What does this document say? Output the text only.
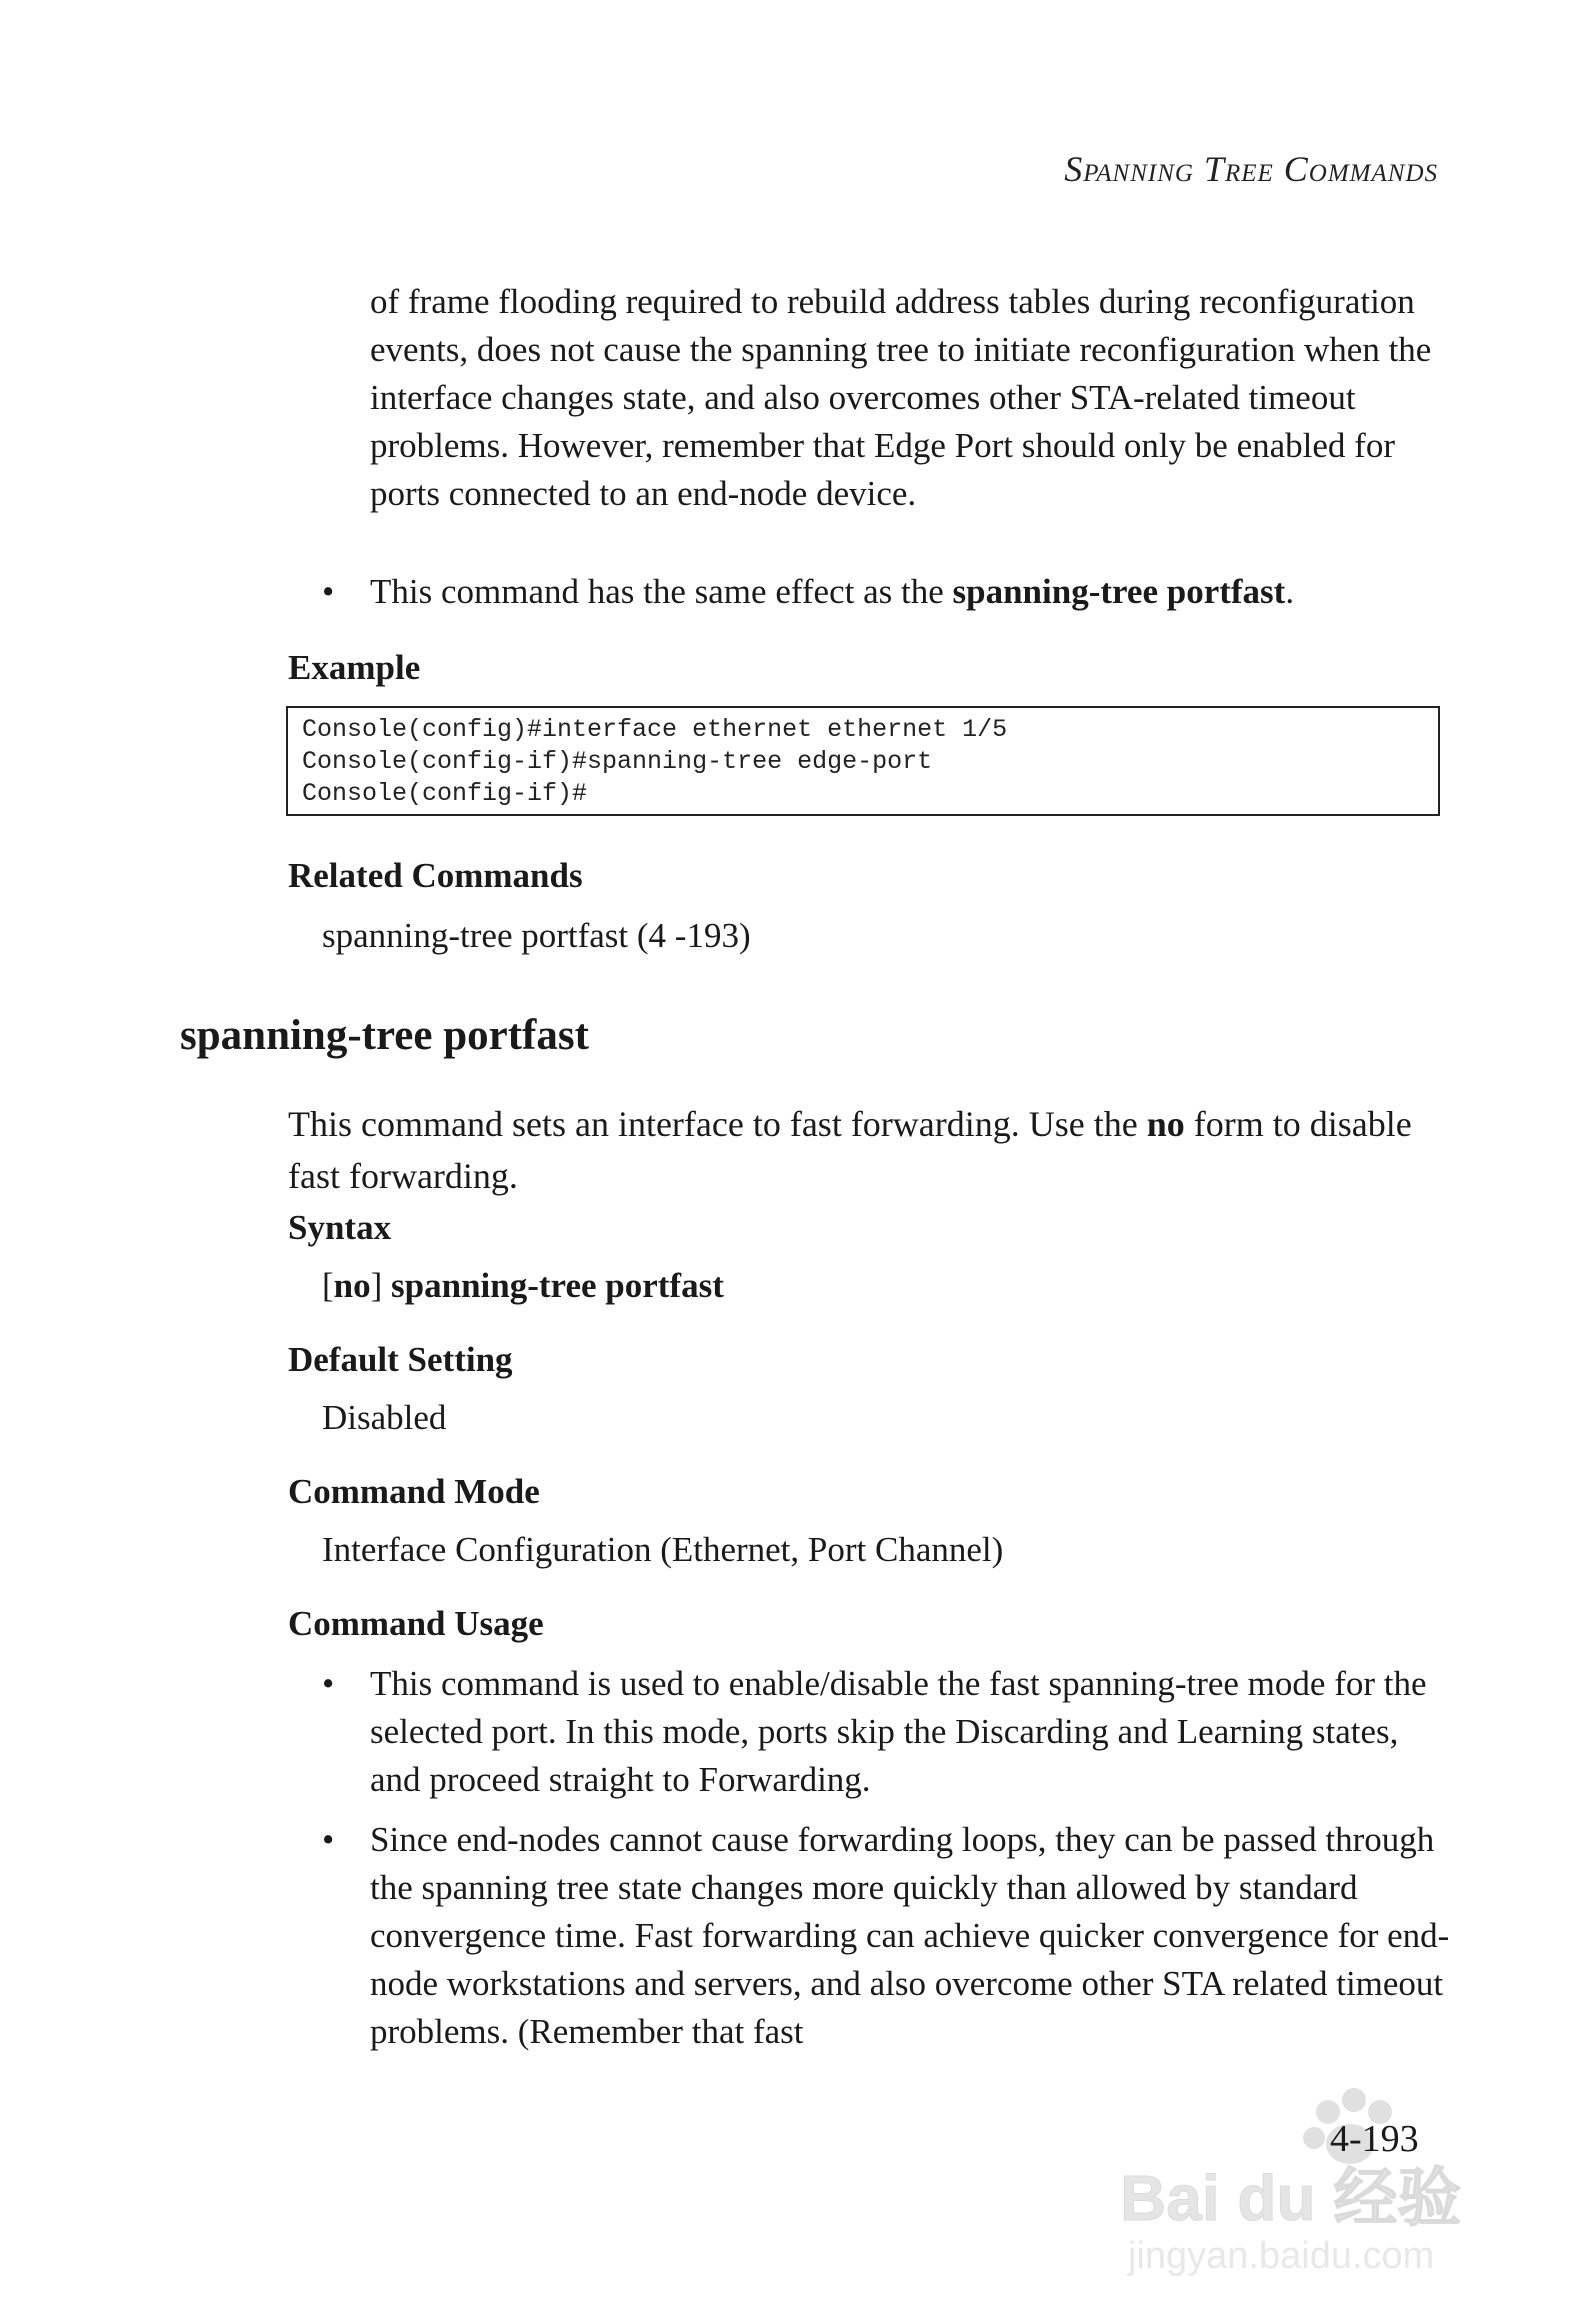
Spanning Tree Commands

of frame flooding required to rebuild address tables during reconfiguration events, does not cause the spanning tree to initiate reconfiguration when the interface changes state, and also overcomes other STA-related timeout problems. However, remember that Edge Port should only be enabled for ports connected to an end-node device.

•	This command has the same effect as the spanning-tree portfast.

Example
Console(config)#interface ethernet ethernet 1/5
Console(config-if)#spanning-tree edge-port
Console(config-if)#
Related Commands

spanning-tree portfast (4 -193)

spanning-tree portfast

This command sets an interface to fast forwarding. Use the no form to disable fast forwarding.

Syntax

[no] spanning-tree portfast

Default Setting

Disabled

Command Mode

Interface Configuration (Ethernet, Port Channel)

Command Usage
•	This command is used to enable/disable the fast spanning-tree mode for the selected port. In this mode, ports skip the Discarding and Learning states, and proceed straight to Forwarding.

•	Since end-nodes cannot cause forwarding loops, they can be passed through the spanning tree state changes more quickly than allowed by standard convergence time. Fast forwarding can achieve quicker convergence for end-node workstations and servers, and also overcome other STA related timeout problems. (Remember that fast

Bai du 经验
jingyan.baidu.com

4-193
